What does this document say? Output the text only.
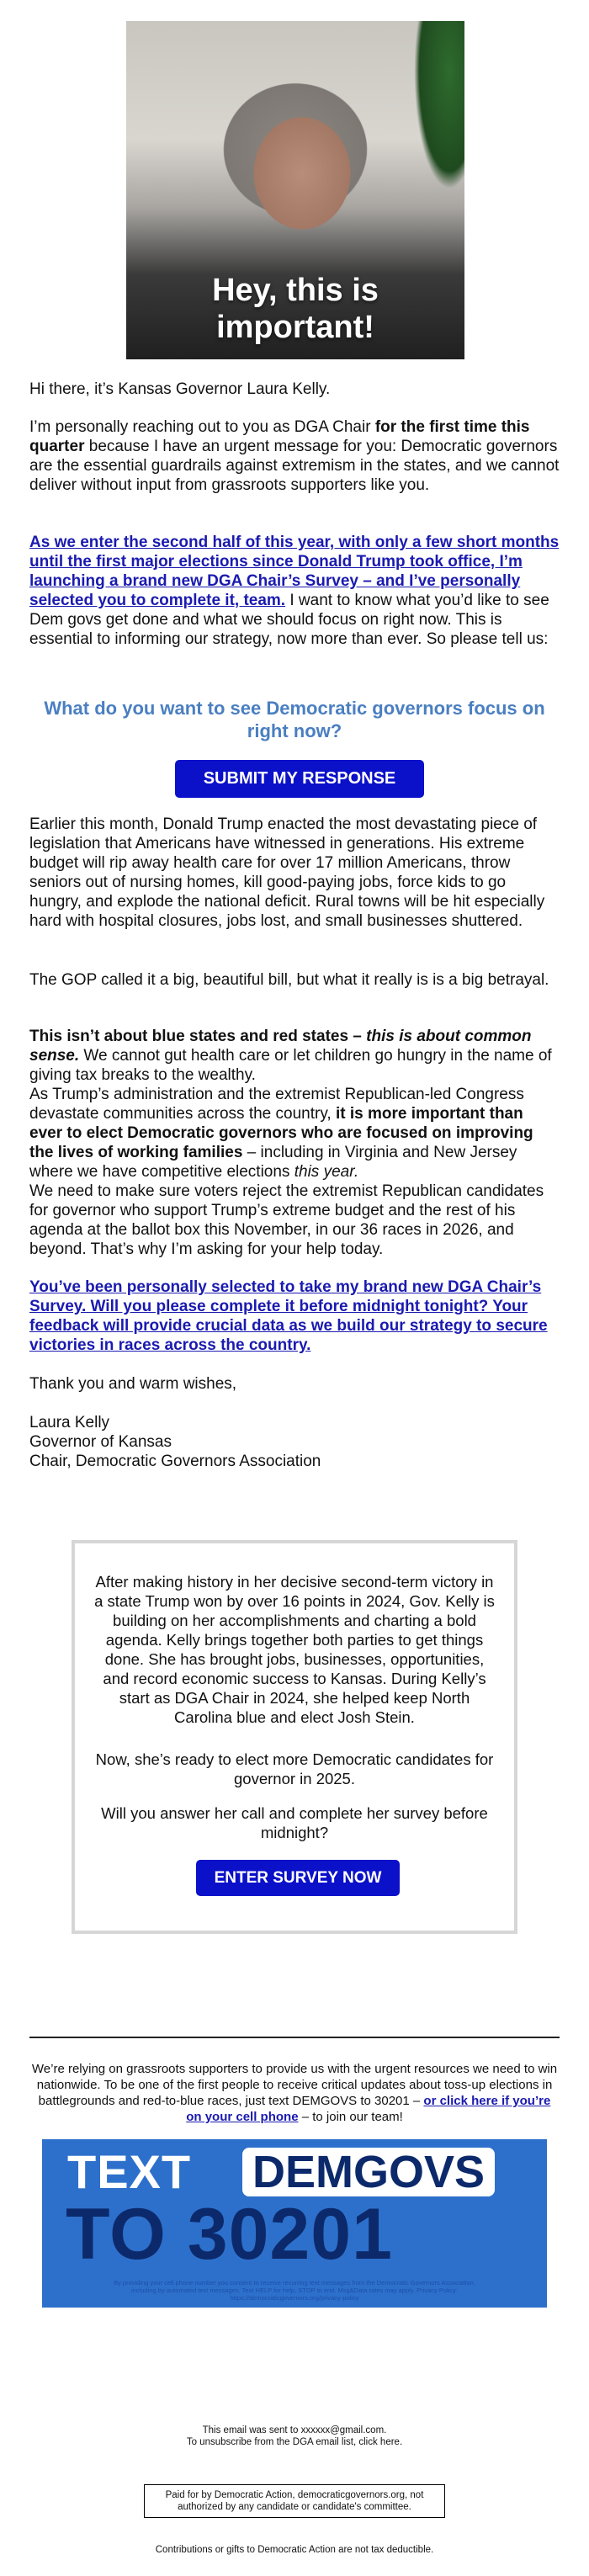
Hey, this is
important!

Hi there, it’s Kansas Governor Laura Kelly.

I’m personally reaching out to you as DGA Chair for the first time this quarter because I have an urgent message for you: Democratic governors are the essential guardrails against extremism in the states, and we cannot deliver without input from grassroots supporters like you.

As we enter the second half of this year, with only a few short months until the first major elections since Donald Trump took office, I’m launching a brand new DGA Chair’s Survey – and I’ve personally selected you to complete it, team. I want to know what you’d like to see Dem govs get done and what we should focus on right now. This is essential to informing our strategy, now more than ever. So please tell us:

What do you want to see Democratic governors focus on right now?
SUBMIT MY RESPONSE

Earlier this month, Donald Trump enacted the most devastating piece of legislation that Americans have witnessed in generations. His extreme budget will rip away health care for over 17 million Americans, throw seniors out of nursing homes, kill good-paying jobs, force kids to go hungry, and explode the national deficit. Rural towns will be hit especially hard with hospital closures, jobs lost, and small businesses shuttered.

The GOP called it a big, beautiful bill, but what it really is is a big betrayal.

This isn’t about blue states and red states – this is about common sense. We cannot gut health care or let children go hungry in the name of giving tax breaks to the wealthy.

As Trump’s administration and the extremist Republican-led Congress devastate communities across the country, it is more important than ever to elect Democratic governors who are focused on improving the lives of working families – including in Virginia and New Jersey where we have competitive elections this year.

We need to make sure voters reject the extremist Republican candidates for governor who support Trump’s extreme budget and the rest of his agenda at the ballot box this November, in our 36 races in 2026, and beyond. That’s why I’m asking for your help today.

You’ve been personally selected to take my brand new DGA Chair’s Survey. Will you please complete it before midnight tonight? Your feedback will provide crucial data as we build our strategy to secure victories in races across the country.

Thank you and warm wishes,

Laura Kelly

Governor of Kansas

Chair, Democratic Governors Association

After making history in her decisive second-term victory in a state Trump won by over 16 points in 2024, Gov. Kelly is building on her accomplishments and charting a bold agenda. Kelly brings together both parties to get things done. She has brought jobs, businesses, opportunities, and record economic success to Kansas. During Kelly’s start as DGA Chair in 2024, she helped keep North Carolina blue and elect Josh Stein.

Now, she’s ready to elect more Democratic candidates for governor in 2025.

Will you answer her call and complete her survey before midnight?

ENTER SURVEY NOW

We’re relying on grassroots supporters to provide us with the urgent resources we need to win nationwide. To be one of the first people to receive critical updates about toss-up elections in battlegrounds and red-to-blue races, just text DEMGOVS to 30201 – or click here if you’re on your cell phone – to join our team!

TEXT DEMGOVS
TO 30201
By providing your cell phone number you consent to receive recurring text messages from the Democratic Governors Association, including by automated text messages. Text HELP for help, STOP to end. Msg&Data rates may apply. Privacy Policy: https://democraticgovernors.org/privacy-policy
This email was sent to xxxxxx@gmail.com.
To unsubscribe from the DGA email list, click here.
Paid for by Democratic Action, democraticgovernors.org, not authorized by any candidate or candidate's committee.
Contributions or gifts to Democratic Action are not tax deductible.
